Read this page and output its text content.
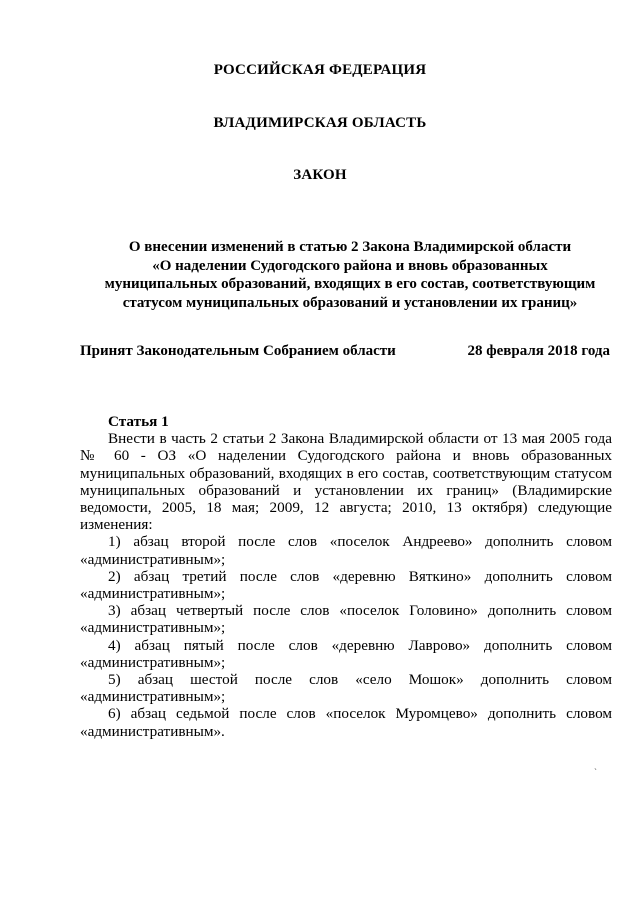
РОССИЙСКАЯ ФЕДЕРАЦИЯ
ВЛАДИМИРСКАЯ ОБЛАСТЬ
ЗАКОН
О внесении изменений в статью 2 Закона Владимирской области
«О наделении Судогодского района и вновь образованных
муниципальных образований, входящих в его состав, соответствующим
статусом муниципальных образований и установлении их границ»
Принят Законодательным Собранием области	28 февраля 2018 года

Статья 1

Внести в часть 2 статьи 2 Закона Владимирской области от 13 мая 2005 года № 60 - ОЗ «О наделении Судогодского района и вновь образованных муниципальных образований, входящих в его состав, соответствующим статусом муниципальных образований и установлении их границ» (Владимирские ведомости, 2005, 18 мая; 2009, 12 августа; 2010, 13 октября) следующие изменения:

1) абзац второй после слов «поселок Андреево» дополнить словом «административным»;

2) абзац третий после слов «деревню Вяткино» дополнить словом «административным»;

3) абзац четвертый после слов «поселок Головино» дополнить словом «административным»;

4) абзац пятый после слов «деревню Лаврово» дополнить словом «административным»;

5) абзац шестой после слов «село Мошок» дополнить словом «административным»;

6) абзац седьмой после слов «поселок Муромцево» дополнить словом «административным».

ˎ
